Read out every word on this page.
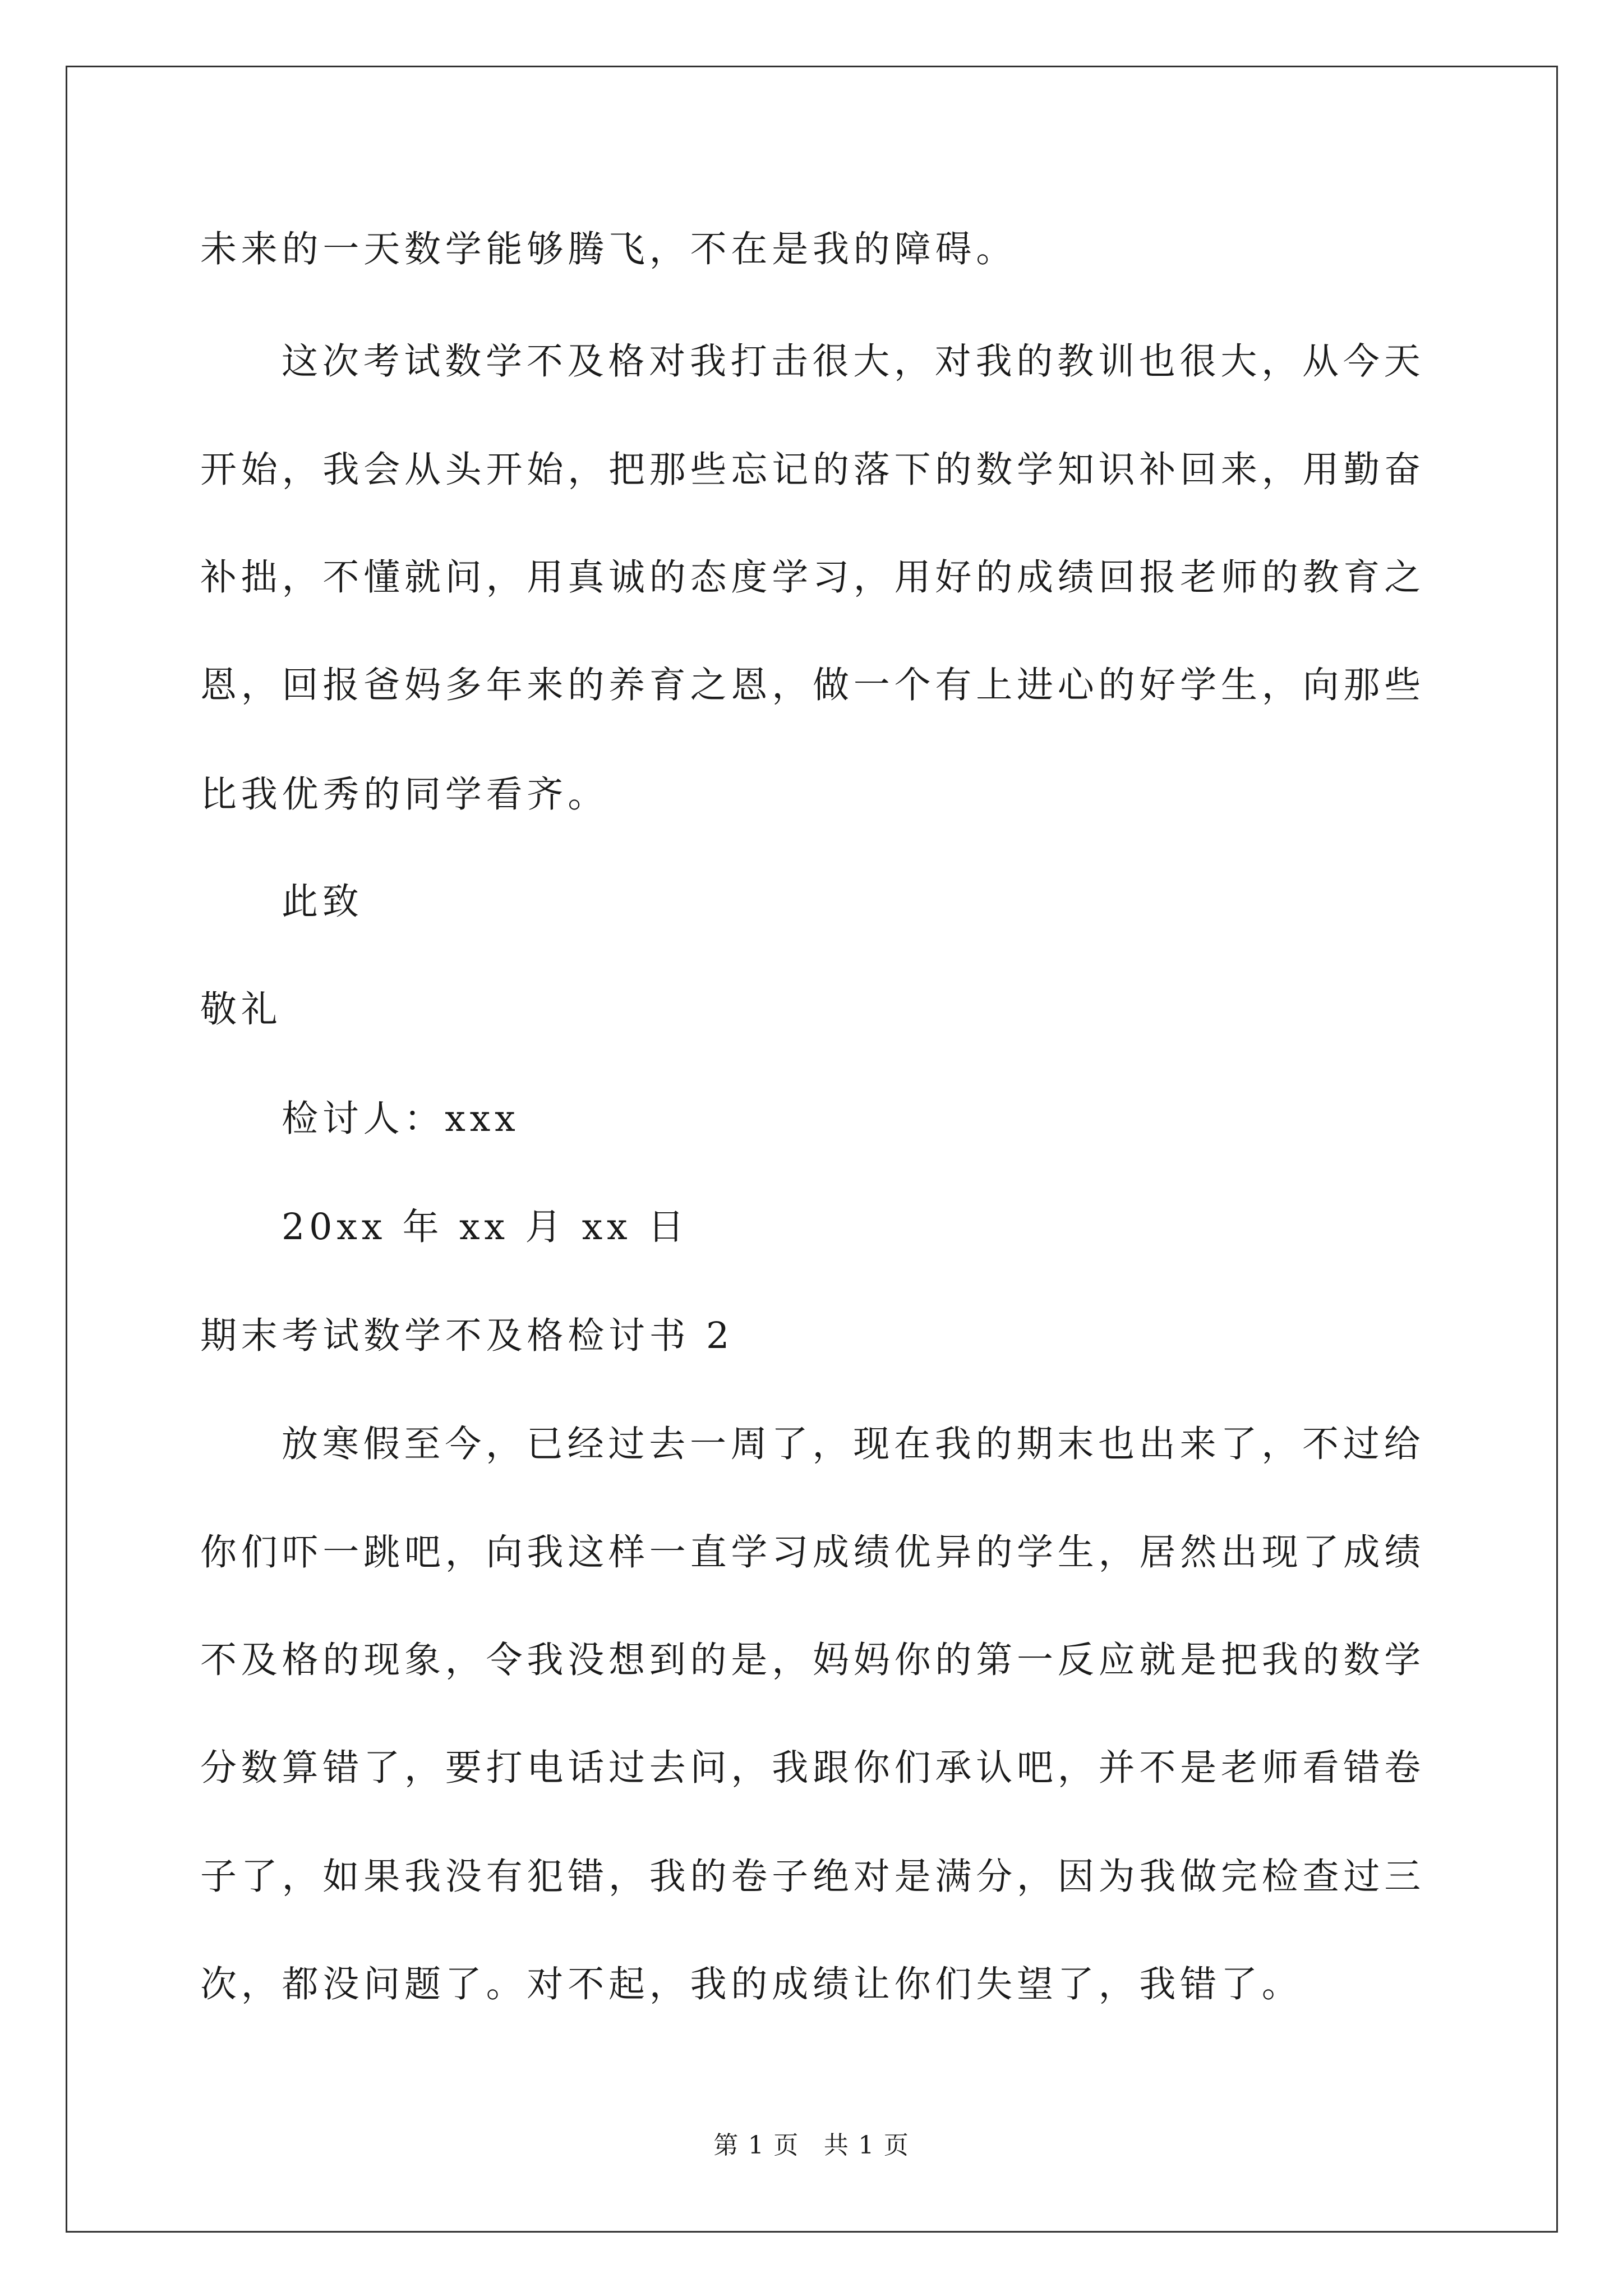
未来的一天数学能够腾飞，不在是我的障碍。
这次考试数学不及格对我打击很大，对我的教训也很大，从今天
开始，我会从头开始，把那些忘记的落下的数学知识补回来，用勤奋
补拙，不懂就问，用真诚的态度学习，用好的成绩回报老师的教育之
恩，回报爸妈多年来的养育之恩，做一个有上进心的好学生，向那些
比我优秀的同学看齐。
此致
敬礼
检讨人：xxx
20xx 年 xx 月 xx 日
期末考试数学不及格检讨书 2
放寒假至今，已经过去一周了，现在我的期末也出来了，不过给
你们吓一跳吧，向我这样一直学习成绩优异的学生，居然出现了成绩
不及格的现象，令我没想到的是，妈妈你的第一反应就是把我的数学
分数算错了，要打电话过去问，我跟你们承认吧，并不是老师看错卷
子了，如果我没有犯错，我的卷子绝对是满分，因为我做完检查过三
次，都没问题了。对不起，我的成绩让你们失望了，我错了。
第 1 页 共 1 页
